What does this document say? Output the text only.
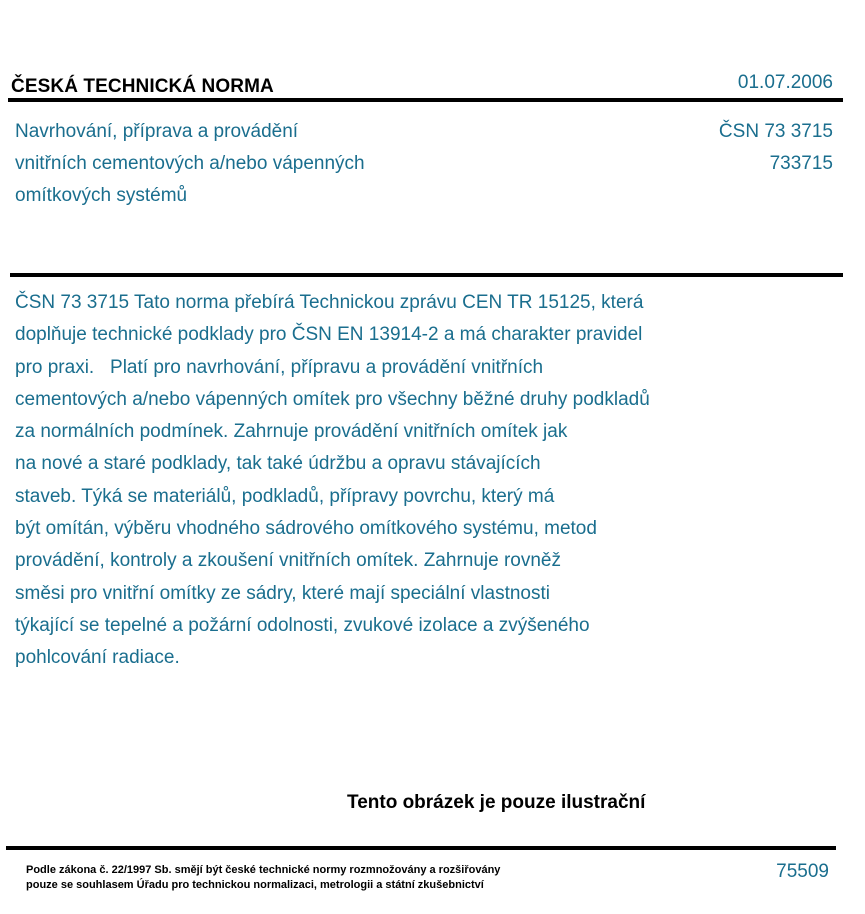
ČESKÁ TECHNICKÁ NORMA	01.07.2006
Navrhování, příprava a provádění
vnitřních cementových a/nebo vápenných
omítkových systémů
ČSN 73 3715
733715
ČSN 73 3715 Tato norma přebírá Technickou zprávu CEN TR 15125, která
doplňuje technické podklady pro ČSN EN 13914-2 a má charakter pravidel
pro praxi.   Platí pro navrhování, přípravu a provádění vnitřních
cementových a/nebo vápenných omítek pro všechny běžné druhy podkladů
za normálních podmínek. Zahrnuje provádění vnitřních omítek jak
na nové a staré podklady, tak také údržbu a opravu stávajících
staveb. Týká se materiálů, podkladů, přípravy povrchu, který má
být omítán, výběru vhodného sádrového omítkového systému, metod
provádění, kontroly a zkoušení vnitřních omítek. Zahrnuje rovněž
směsi pro vnitřní omítky ze sádry, které mají speciální vlastnosti
týkající se tepelné a požární odolnosti, zvukové izolace a zvýšeného
pohlcování radiace.
Tento obrázek je pouze ilustrační
Podle zákona č. 22/1997 Sb. smějí být české technické normy rozmnožovány a rozšiřovány
pouze se souhlasem Úřadu pro technickou normalizaci, metrologii a státní zkušebnictví
75509
